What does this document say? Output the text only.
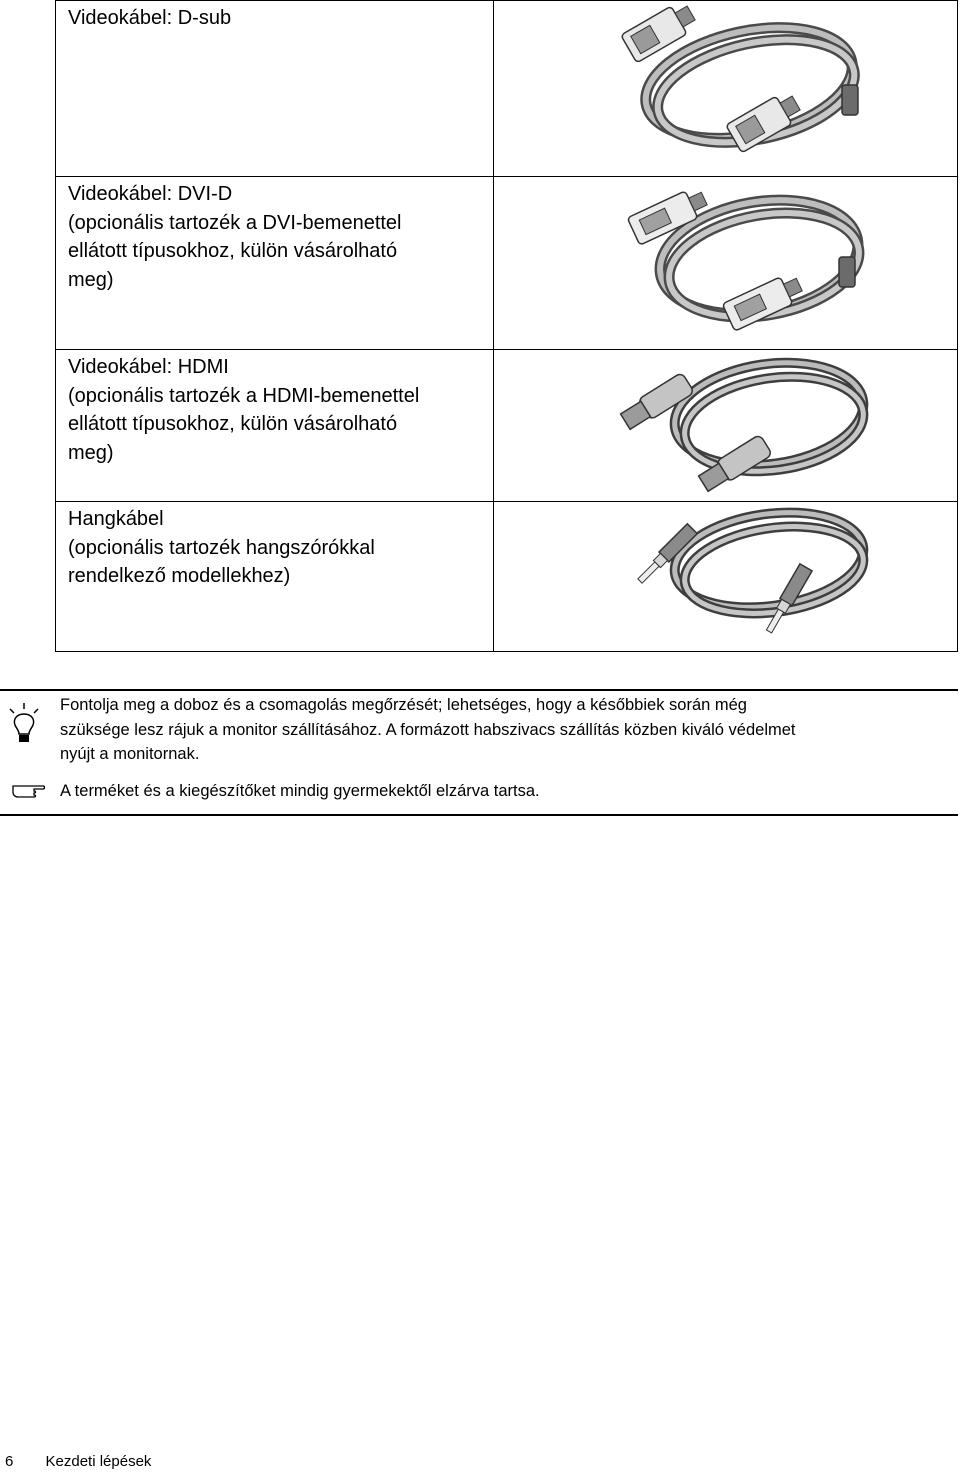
Videokábel: D-sub
Videokábel: DVI-D
(opcionális tartozék a DVI-bemenettel
ellátott típusokhoz, külön vásárolható
meg)
Videokábel: HDMI
(opcionális tartozék a HDMI-bemenettel
ellátott típusokhoz, külön vásárolható
meg)
Hangkábel
(opcionális tartozék hangszórókkal
rendelkező modellekhez)
Fontolja meg a doboz és a csomagolás megőrzését; lehetséges, hogy a későbbiek során még
szüksége lesz rájuk a monitor szállításához. A formázott habszivacs szállítás közben kiváló védelmet
nyújt a monitornak.
A terméket és a kiegészítőket mindig gyermekektől elzárva tartsa.
6 Kezdeti lépések
